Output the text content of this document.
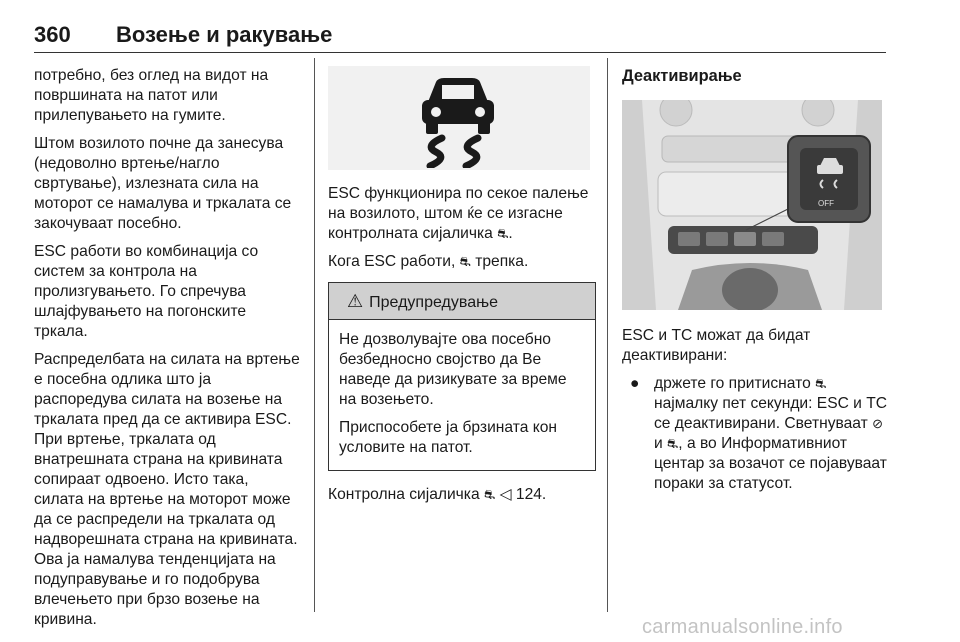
360 Возење и ракување

потребно, без оглед на видот на површината на патот или прилепувањето на гумите.

Штом возилото почне да занесува (недоволно вртење/нагло свртување), излезната сила на моторот се намалува и тркалата се закочуваат посебно.

ESC работи во комбинација со систем за контрола на пролизгувањето. Го спречува шлајфувањето на погонските тркала.

Распределбата на силата на вртење е посебна одлика што ја распоредува силата на возење на тркалата пред да се активира ESC. При вртење, тркалата од внатрешната страна на кривината сопираат одвоено. Исто така, силата на вртење на моторот може да се распредели на тркалата од надворешната страна на кривината. Ова ја намалува тенденцијата на подуправување и го подобрува влечењето при брзо возење на кривина.

ESC функционира по секое палење на возилото, штом ќе се изгасне контролната сијаличка ⛐.

Кога ESC работи, ⛐ трепка.

⚠ Предупредување

Не дозволувајте ова посебно безбедносно својство да Ве наведе да ризикувате за време на возењето.

Приспособете ја брзината кон условите на патот.

Контролна сијаличка ⛐ ◁ 124.

Деактивирање
OFF

ESC и TC можат да бидат деактивирани:

● држете го притиснато ⛐ најмалку пет секунди: ESC и TC се деактивирани. Светнуваат ⊘ и ⛐, а во Информативниот центар за возачот се појавуваат пораки за статусот.
carmanualsonline.info
